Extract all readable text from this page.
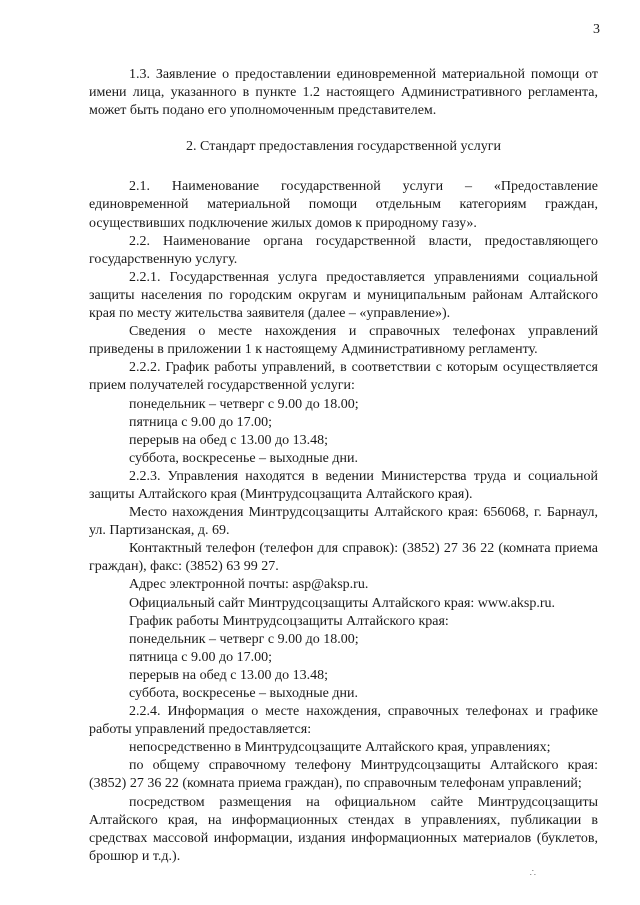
3

1.3. Заявление о предоставлении единовременной материальной помощи от имени лица, указанного в пункте 1.2 настоящего Административного регламента, может быть подано его уполномоченным представителем.

2. Стандарт предоставления государственной услуги

2.1. Наименование государственной услуги – «Предоставление единовременной материальной помощи отдельным категориям граждан, осуществивших подключение жилых домов к природному газу».

2.2. Наименование органа государственной власти, предоставляющего государственную услугу.

2.2.1. Государственная услуга предоставляется управлениями социальной защиты населения по городским округам и муниципальным районам Алтайского края по месту жительства заявителя (далее – «управление»).

Сведения о месте нахождения и справочных телефонах управлений приведены в приложении 1 к настоящему Административному регламенту.

2.2.2. График работы управлений, в соответствии с которым осуществляется прием получателей государственной услуги:

понедельник – четверг с 9.00 до 18.00;

пятница с 9.00 до 17.00;

перерыв на обед с 13.00 до 13.48;

суббота, воскресенье – выходные дни.

2.2.3. Управления находятся в ведении Министерства труда и социальной защиты Алтайского края (Минтрудсоцзащита Алтайского края).

Место нахождения Минтрудсоцзащиты Алтайского края: 656068, г. Барнаул, ул. Партизанская, д. 69.

Контактный телефон (телефон для справок): (3852) 27 36 22 (комната приема граждан), факс: (3852) 63 99 27.

Адрес электронной почты: asp@aksp.ru.

Официальный сайт Минтрудсоцзащиты Алтайского края: www.aksp.ru.

График работы Минтрудсоцзащиты Алтайского края:

понедельник – четверг с 9.00 до 18.00;

пятница с 9.00 до 17.00;

перерыв на обед с 13.00 до 13.48;

суббота, воскресенье – выходные дни.

2.2.4. Информация о месте нахождения, справочных телефонах и графике работы управлений предоставляется:

непосредственно в Минтрудсоцзащите Алтайского края, управлениях;

по общему справочному телефону Минтрудсоцзащиты Алтайского края: (3852) 27 36 22 (комната приема граждан), по справочным телефонам управлений;

посредством размещения на официальном сайте Минтрудсоцзащиты Алтайского края, на информационных стендах в управлениях, публикации в средствах массовой информации, издания информационных материалов (буклетов, брошюр и т.д.).

∴
